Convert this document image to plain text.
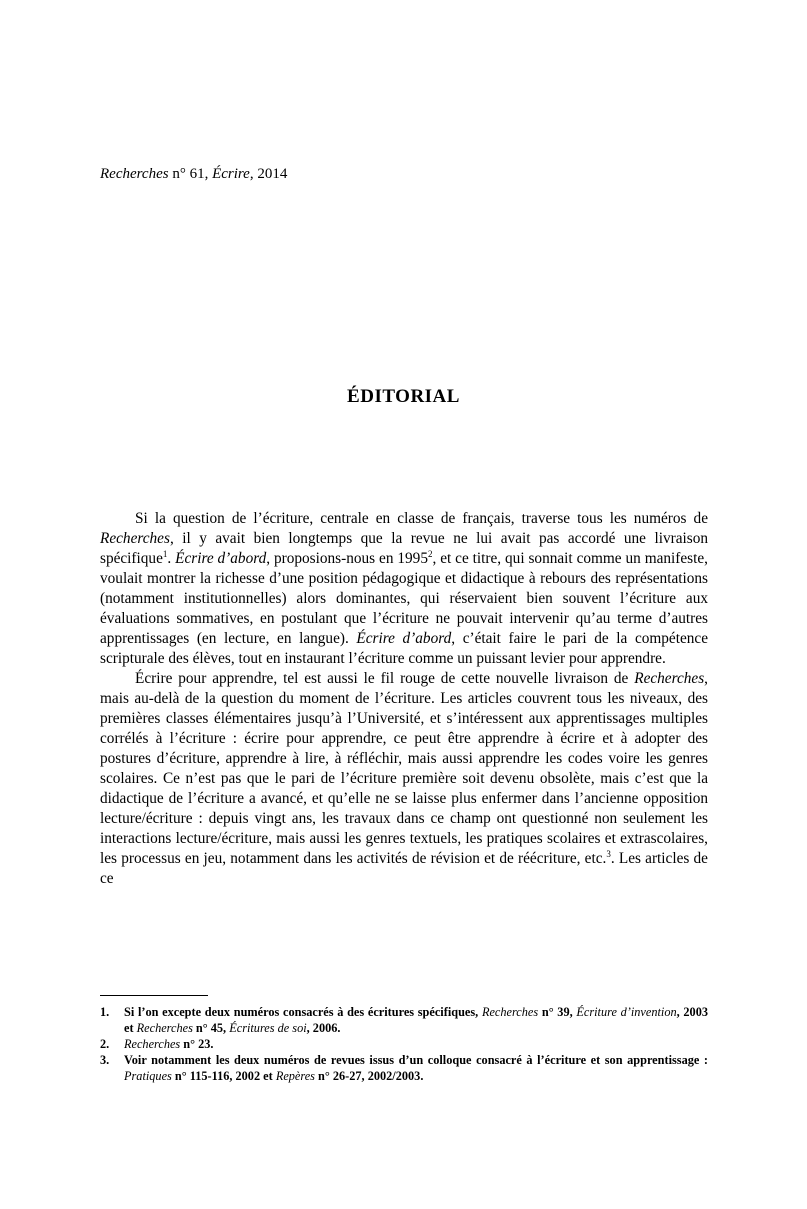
Recherches n° 61, Écrire, 2014
ÉDITORIAL

Si la question de l’écriture, centrale en classe de français, traverse tous les numéros de Recherches, il y avait bien longtemps que la revue ne lui avait pas accordé une livraison spécifique$^1$. Écrire d’abord, proposions-nous en 1995$^2$, et ce titre, qui sonnait comme un manifeste, voulait montrer la richesse d’une position pédagogique et didactique à rebours des représentations (notamment institutionnelles) alors dominantes, qui réservaient bien souvent l’écriture aux évaluations sommatives, en postulant que l’écriture ne pouvait intervenir qu’au terme d’autres apprentissages (en lecture, en langue). Écrire d’abord, c’était faire le pari de la compétence scripturale des élèves, tout en instaurant l’écriture comme un puissant levier pour apprendre.

Écrire pour apprendre, tel est aussi le fil rouge de cette nouvelle livraison de Recherches, mais au-delà de la question du moment de l’écriture. Les articles couvrent tous les niveaux, des premières classes élémentaires jusqu’à l’Université, et s’intéressent aux apprentissages multiples corrélés à l’écriture : écrire pour apprendre, ce peut être apprendre à écrire et à adopter des postures d’écriture, apprendre à lire, à réfléchir, mais aussi apprendre les codes voire les genres scolaires. Ce n’est pas que le pari de l’écriture première soit devenu obsolète, mais c’est que la didactique de l’écriture a avancé, et qu’elle ne se laisse plus enfermer dans l’ancienne opposition lecture/écriture : depuis vingt ans, les travaux dans ce champ ont questionné non seulement les interactions lecture/écriture, mais aussi les genres textuels, les pratiques scolaires et extrascolaires, les processus en jeu, notamment dans les activités de révision et de réécriture, etc.$^3$. Les articles de ce

1.	Si l’on excepte deux numéros consacrés à des écritures spécifiques, Recherches n° 39, Écriture d’invention, 2003 et Recherches n° 45, Écritures de soi, 2006.
2.	Recherches n° 23.
3.	Voir notamment les deux numéros de revues issus d’un colloque consacré à l’écriture et son apprentissage : Pratiques n° 115-116, 2002 et Repères n° 26-27, 2002/2003.
